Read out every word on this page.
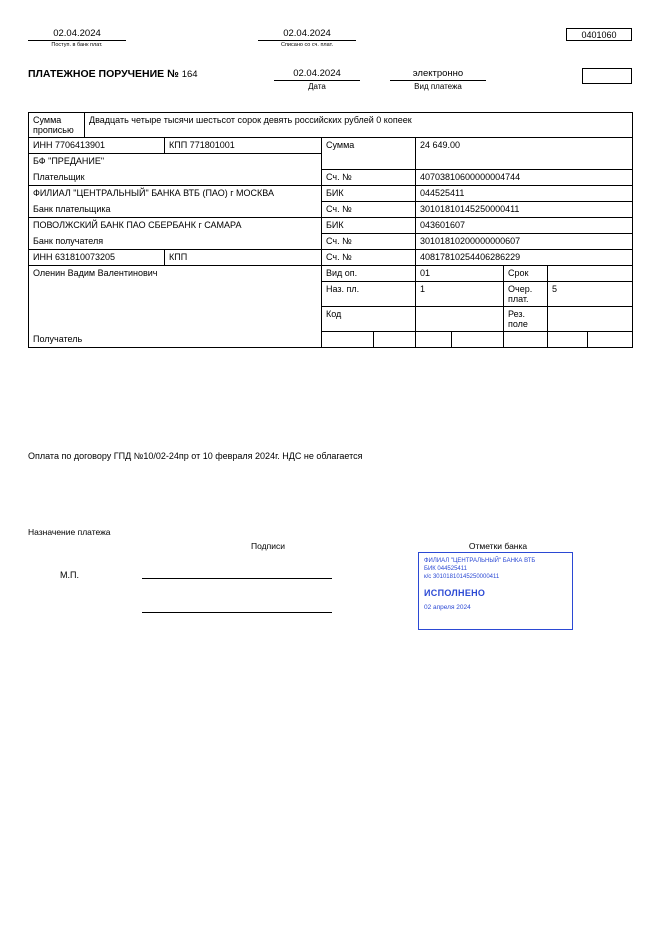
02.04.2024
Поступ. в банк плат.
02.04.2024
Списано со сч. плат.
0401060
ПЛАТЕЖНОЕ ПОРУЧЕНИЕ № 164	02.04.2024
Дата
электронно
Вид платежа
Сумма
прописью	Двадцать четыре тысячи шестьсот сорок девять российских рублей 0 копеек								
ИНН 7706413901		КПП 771801001	Сумма		24 649.00				
БФ "ПРЕДАНИЕ"									
Плательщик			Сч. №		40703810600000004744				
ФИЛИАЛ "ЦЕНТРАЛЬНЫЙ" БАНКА ВТБ (ПАО) г МОСКВА			БИК		044525411				
Банк плательщика			Сч. №		30101810145250000411				
ПОВОЛЖСКИЙ БАНК ПАО СБЕРБАНК г САМАРА			БИК		043601607				
Банк получателя			Сч. №		30101810200000000607				
ИНН 631810073205		КПП	Сч. №		40817810254406286229				
Оленин Вадим Валентинович			Вид оп.		01		Срок		
			Наз. пл.		1		Очер. плат.	5	
			Код				Рез. поле		
Получатель									
Оплата по договору ГПД №10/02-24пр от 10 февраля 2024г. НДС не облагается
Назначение платежа
Подписи	Отметки банка
М.П.
ФИЛИАЛ "ЦЕНТРАЛЬНЫЙ" БАНКА ВТБ
БИК 044525411
к/с 30101810145250000411
ИСПОЛНЕНО
02 апреля 2024
